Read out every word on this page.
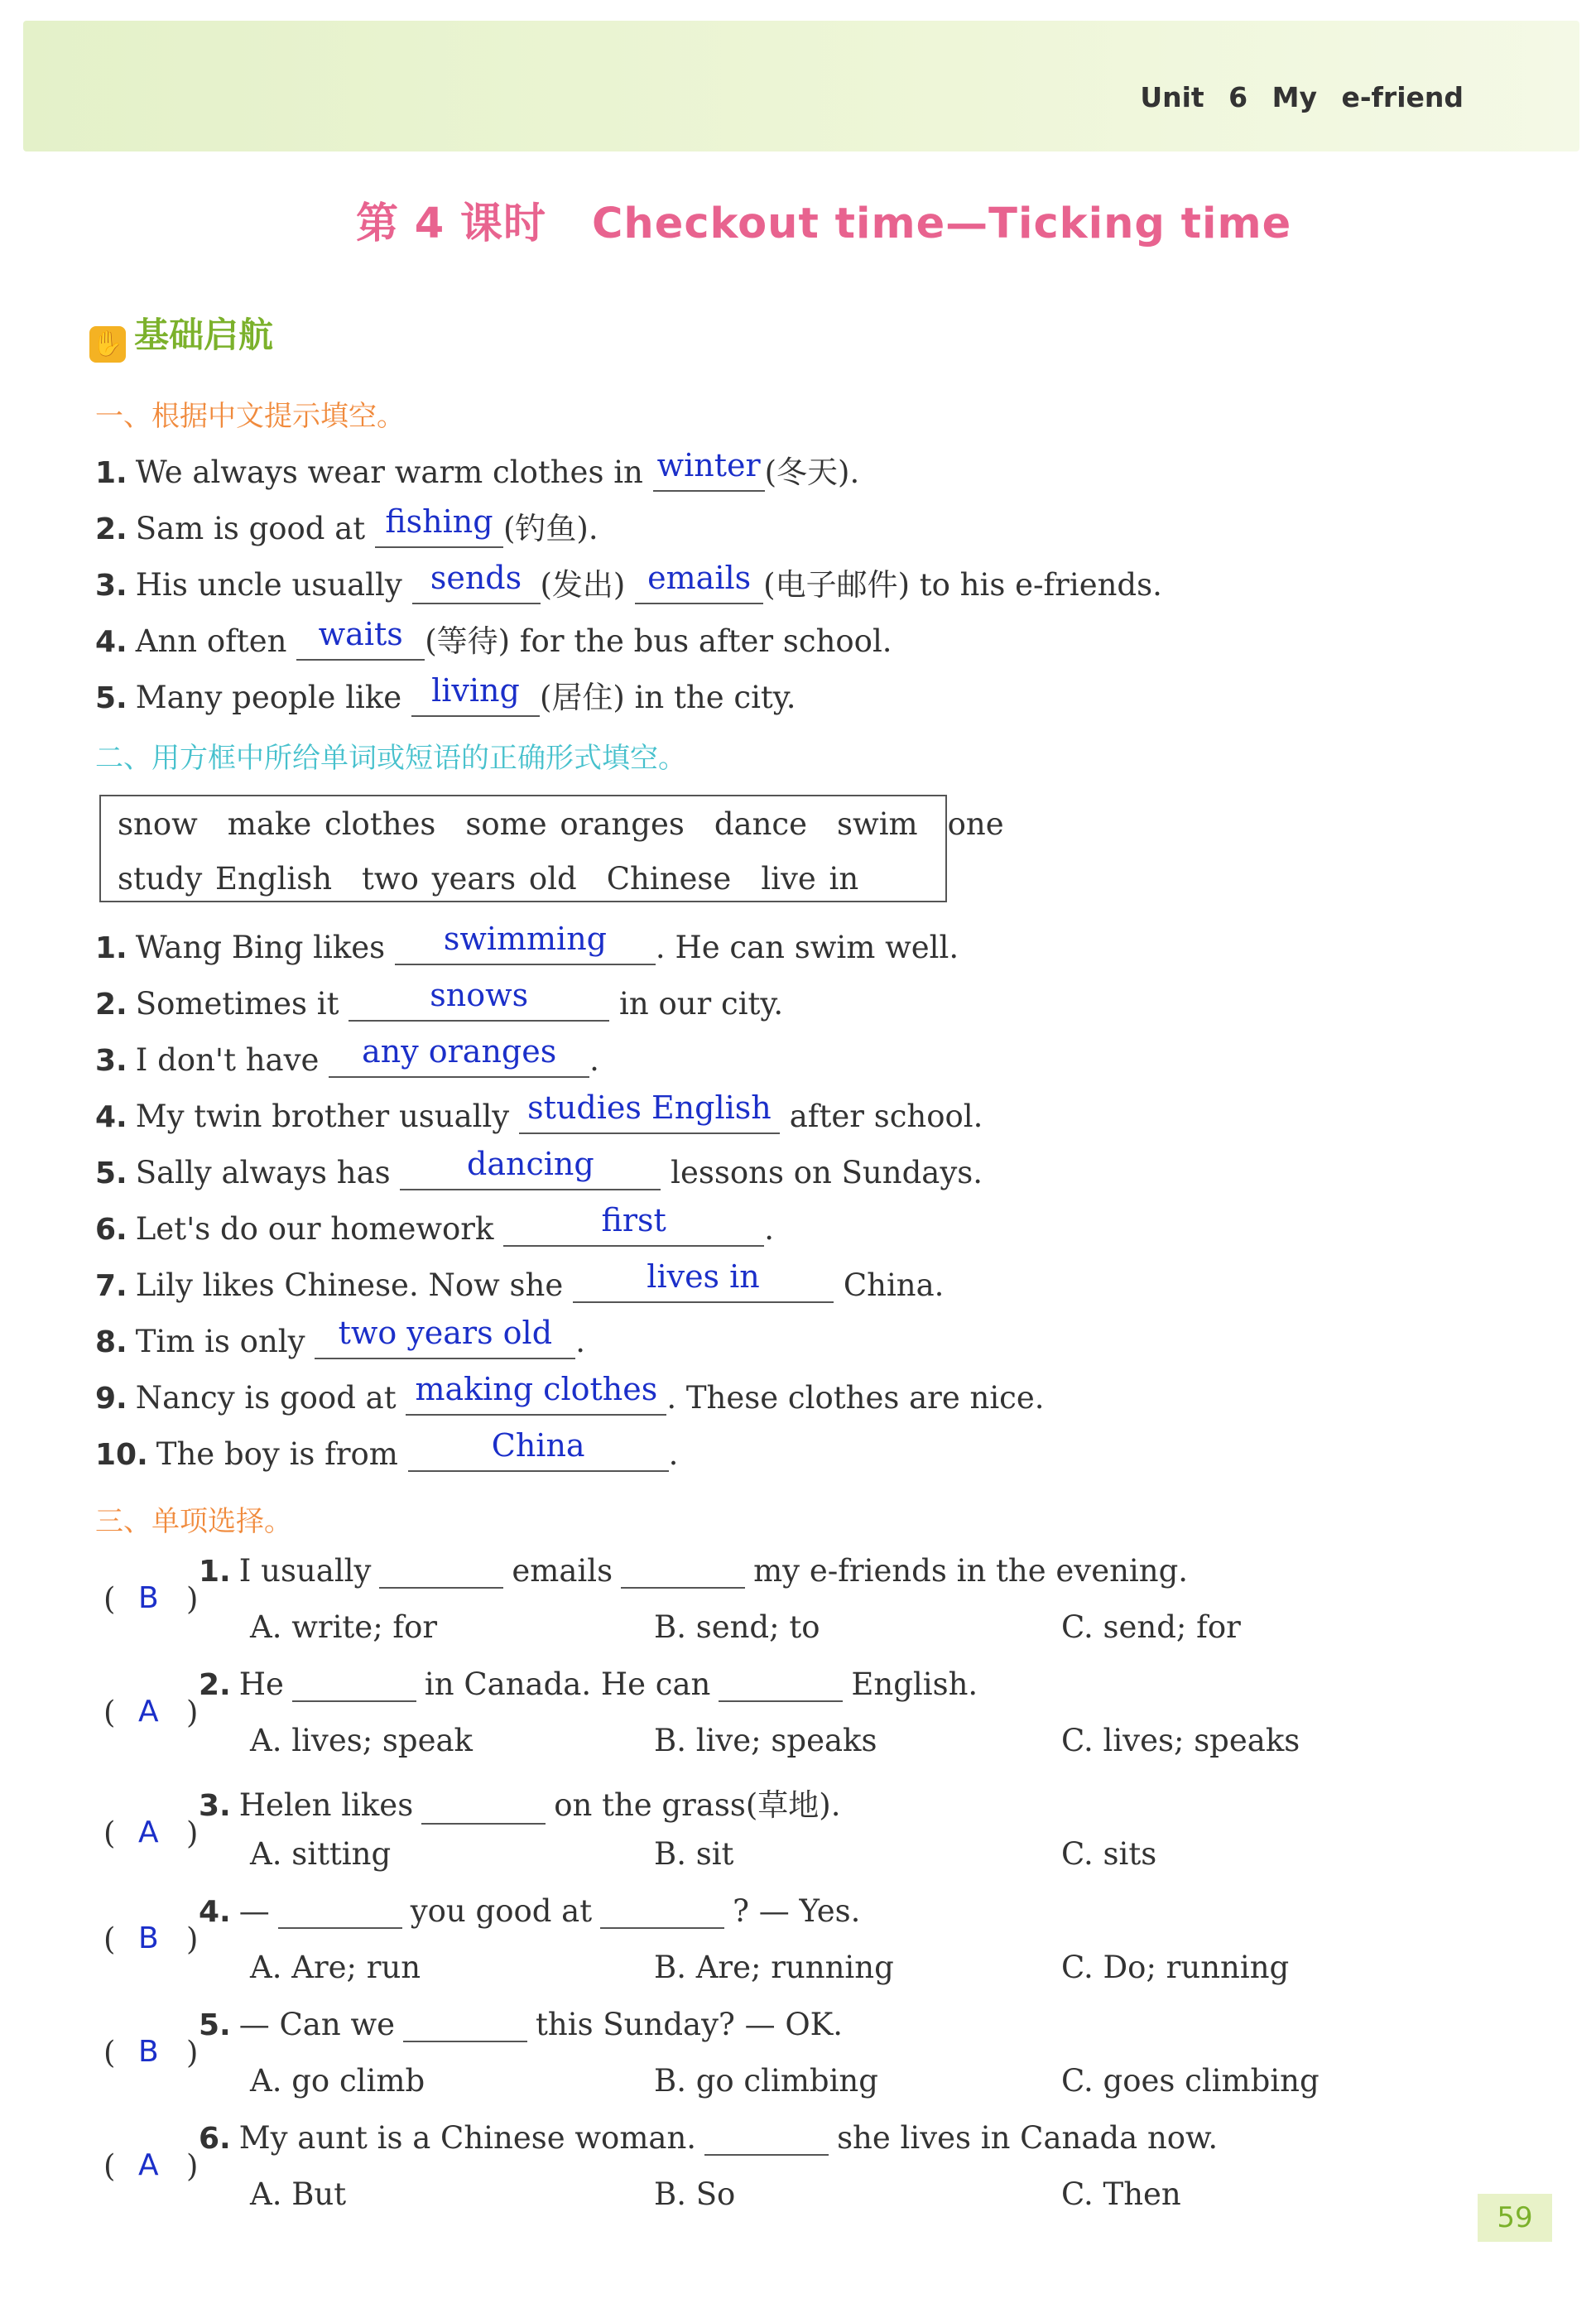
Unit 6 My e-friend
第 4 课时 Checkout time—Ticking time
✋ 基础启航
一、根据中文提示填空。
1. We always wear warm clothes in winter (冬天).
2. Sam is good at fishing (钓鱼).
3. His uncle usually sends (发出) emails (电子邮件) to his e-friends.
4. Ann often	waits (等待) for the bus after school.
5. Many people like living (居住) in the city.
二、用方框中所给单词或短语的正确形式填空。
snow make clothes some oranges dance swim one
study English two years old Chinese live in
1. Wang Bing likes	swimming	. He can swim well.
2. Sometimes it	snows	in our city.
3. I don't have	any oranges	.
4. My twin brother usually studies English after school.
5. Sally always has	dancing	lessons on Sundays.
6. Let's do our homework	first	.
7. Lily likes Chinese. Now she	lives in	China.
8. Tim is only	two years old .
9. Nancy is good at making clothes . These clothes are nice.
10. The boy is from	China	.
三、单项选择。
( B )
1. I usually	emails	my e-friends in the evening.
A. write; for	B. send; to	C. send; for
( A )
2. He	in Canada. He can	English.
A. lives; speak	B. live; speaks	C. lives; speaks
( A )
3. Helen likes	on the grass(草地).
A. sitting	B. sit	C. sits
( B )
4. —	you good at	? — Yes.
A. Are; run	B. Are; running	C. Do; running
( B )
5. — Can we	this Sunday? — OK.
A. go climb	B. go climbing	C. goes climbing
( A )
6. My aunt is a Chinese woman.	she lives in Canada now.
A. But	B. So	C. Then
59
